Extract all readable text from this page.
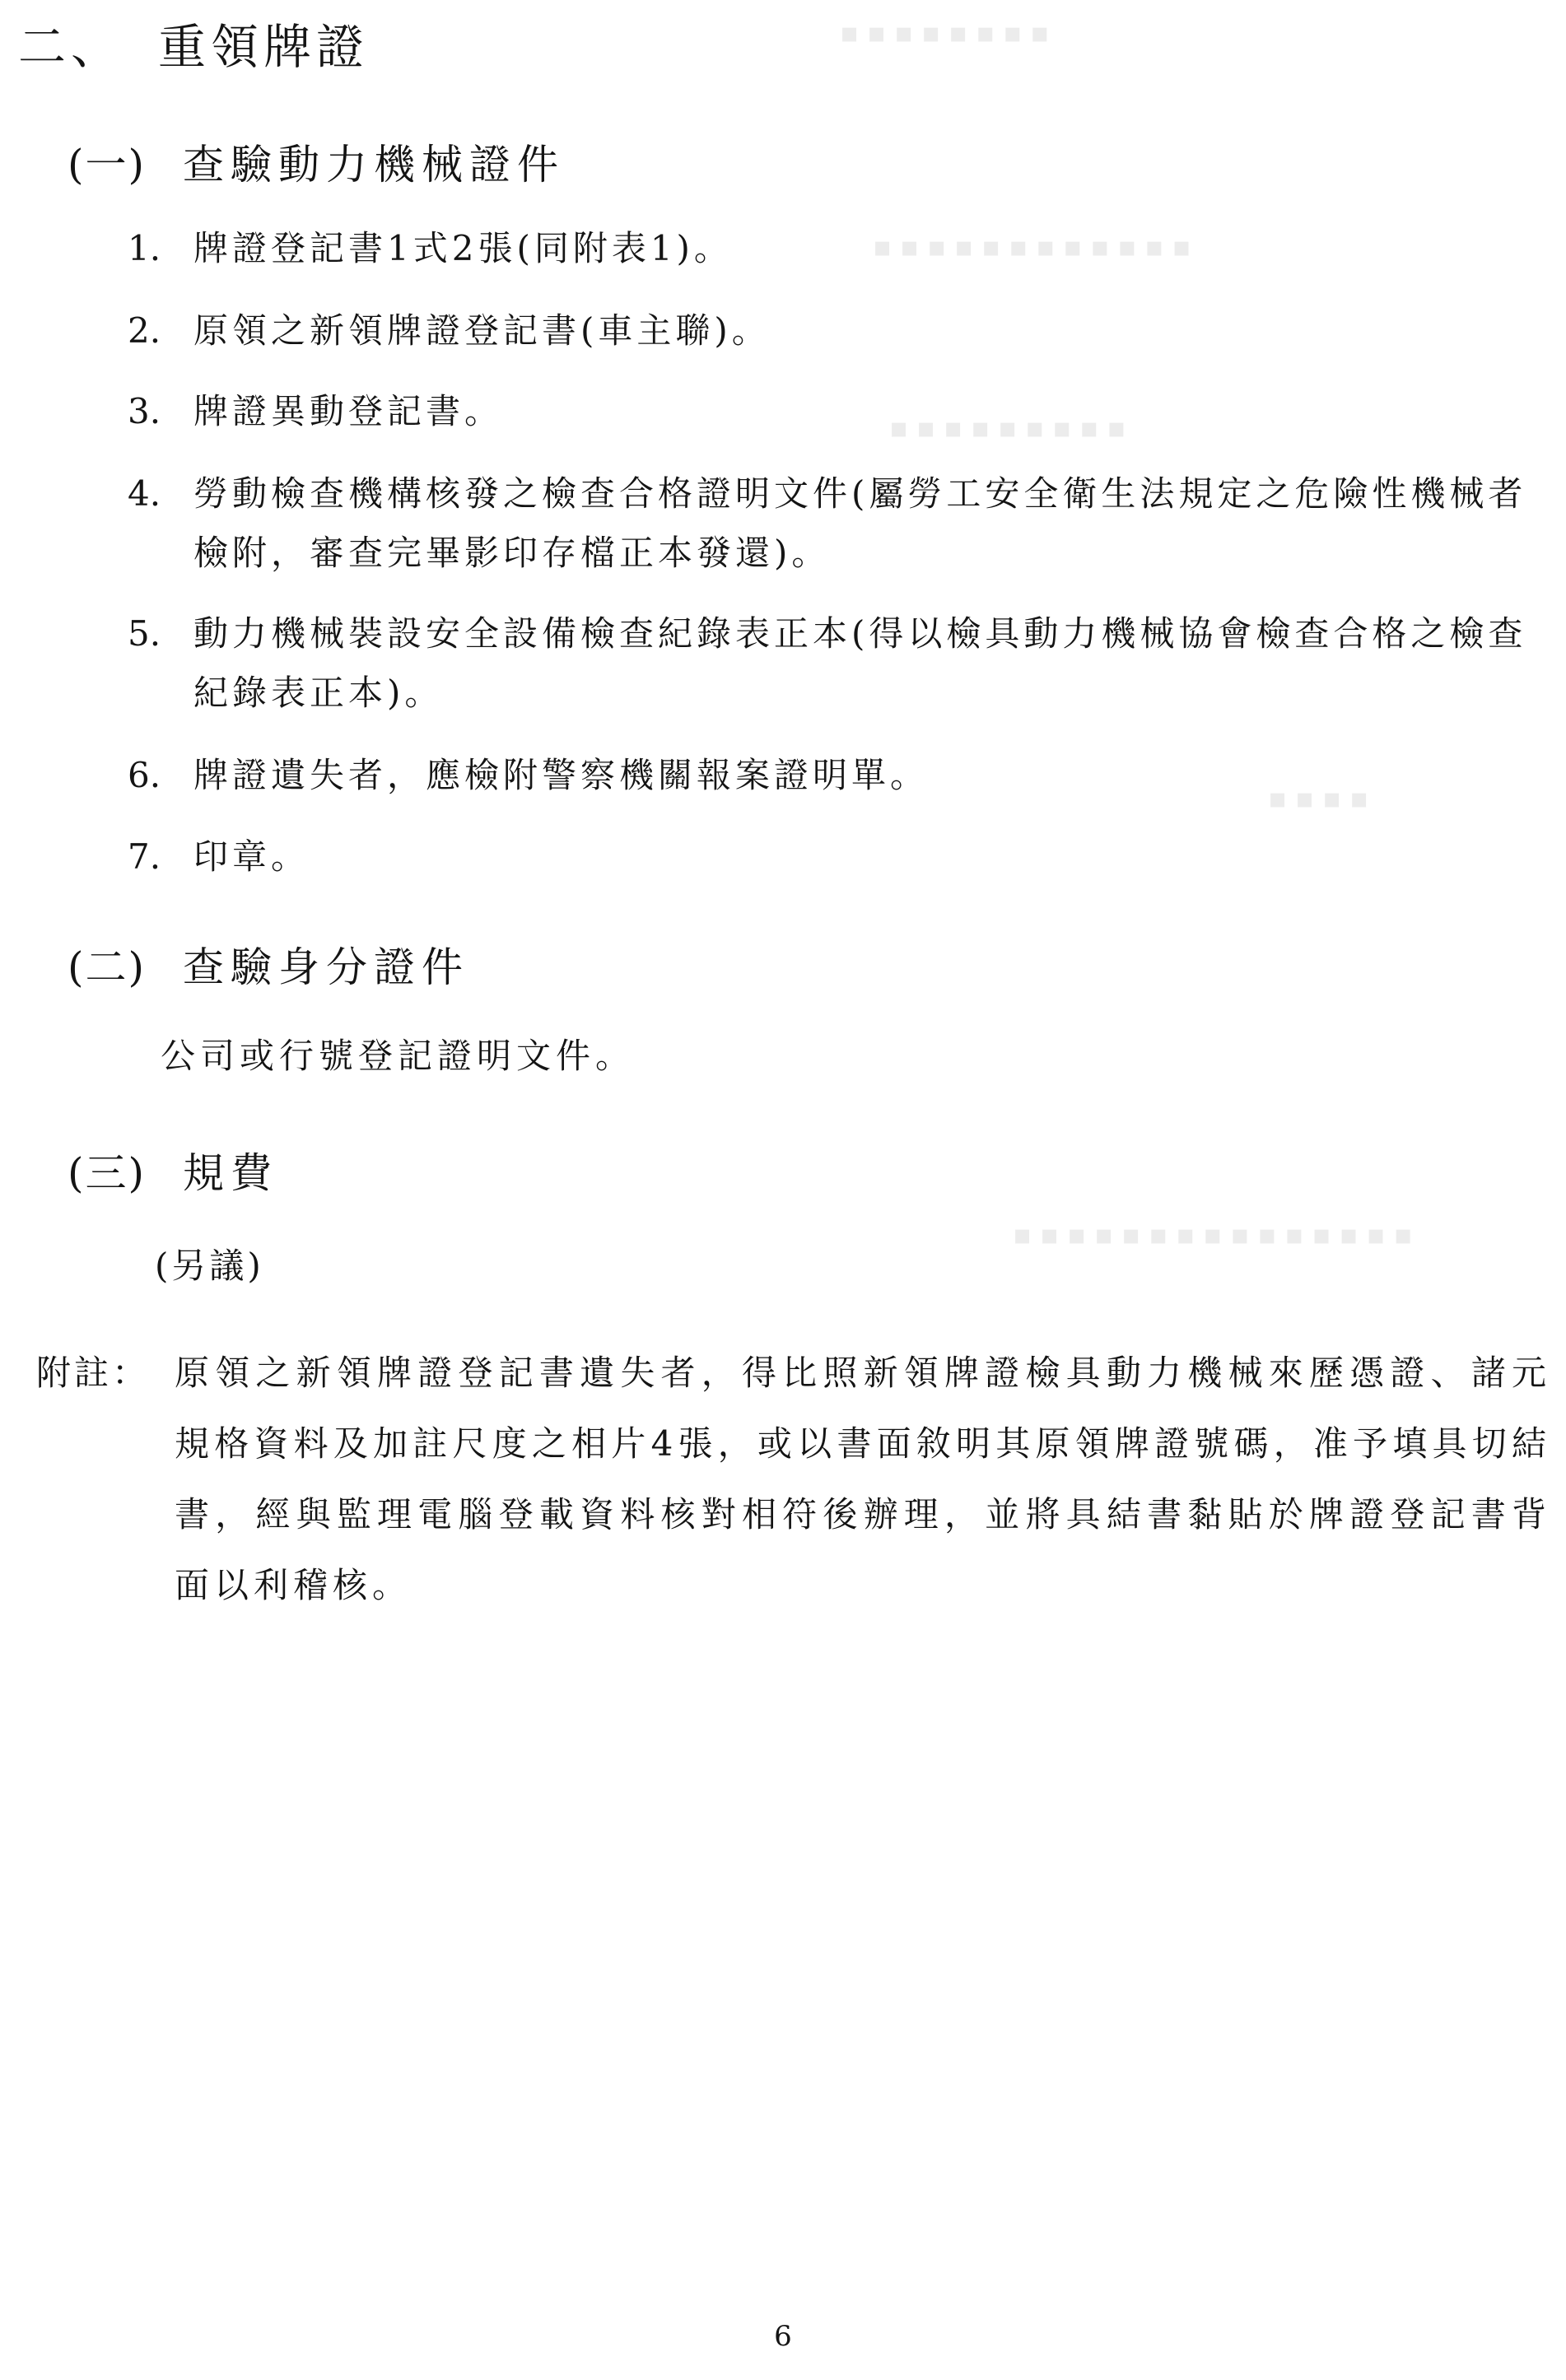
▪▪▪▪▪▪▪▪
▪▪▪▪▪▪▪▪▪▪▪▪
▪▪▪▪▪▪▪▪▪
▪▪▪▪
▪▪▪▪▪▪▪▪▪▪▪▪▪▪▪
二、 重領牌證
(一) 查驗動力機械證件
1. 牌證登記書1式2張(同附表1)。
2. 原領之新領牌證登記書(車主聯)。
3. 牌證異動登記書。
4. 勞動檢查機構核發之檢查合格證明文件(屬勞工安全衛生法規定之危險性機械者檢附，審查完畢影印存檔正本發還)。
5. 動力機械裝設安全設備檢查紀錄表正本(得以檢具動力機械協會檢查合格之檢查紀錄表正本)。
6. 牌證遺失者，應檢附警察機關報案證明單。
7. 印章。
(二) 查驗身分證件
公司或行號登記證明文件。
(三) 規費
(另議)
附註： 原領之新領牌證登記書遺失者，得比照新領牌證檢具動力機械來歷憑證、諸元規格資料及加註尺度之相片4張，或以書面敘明其原領牌證號碼，准予填具切結書，經與監理電腦登載資料核對相符後辦理，並將具結書黏貼於牌證登記書背面以利稽核。
6
